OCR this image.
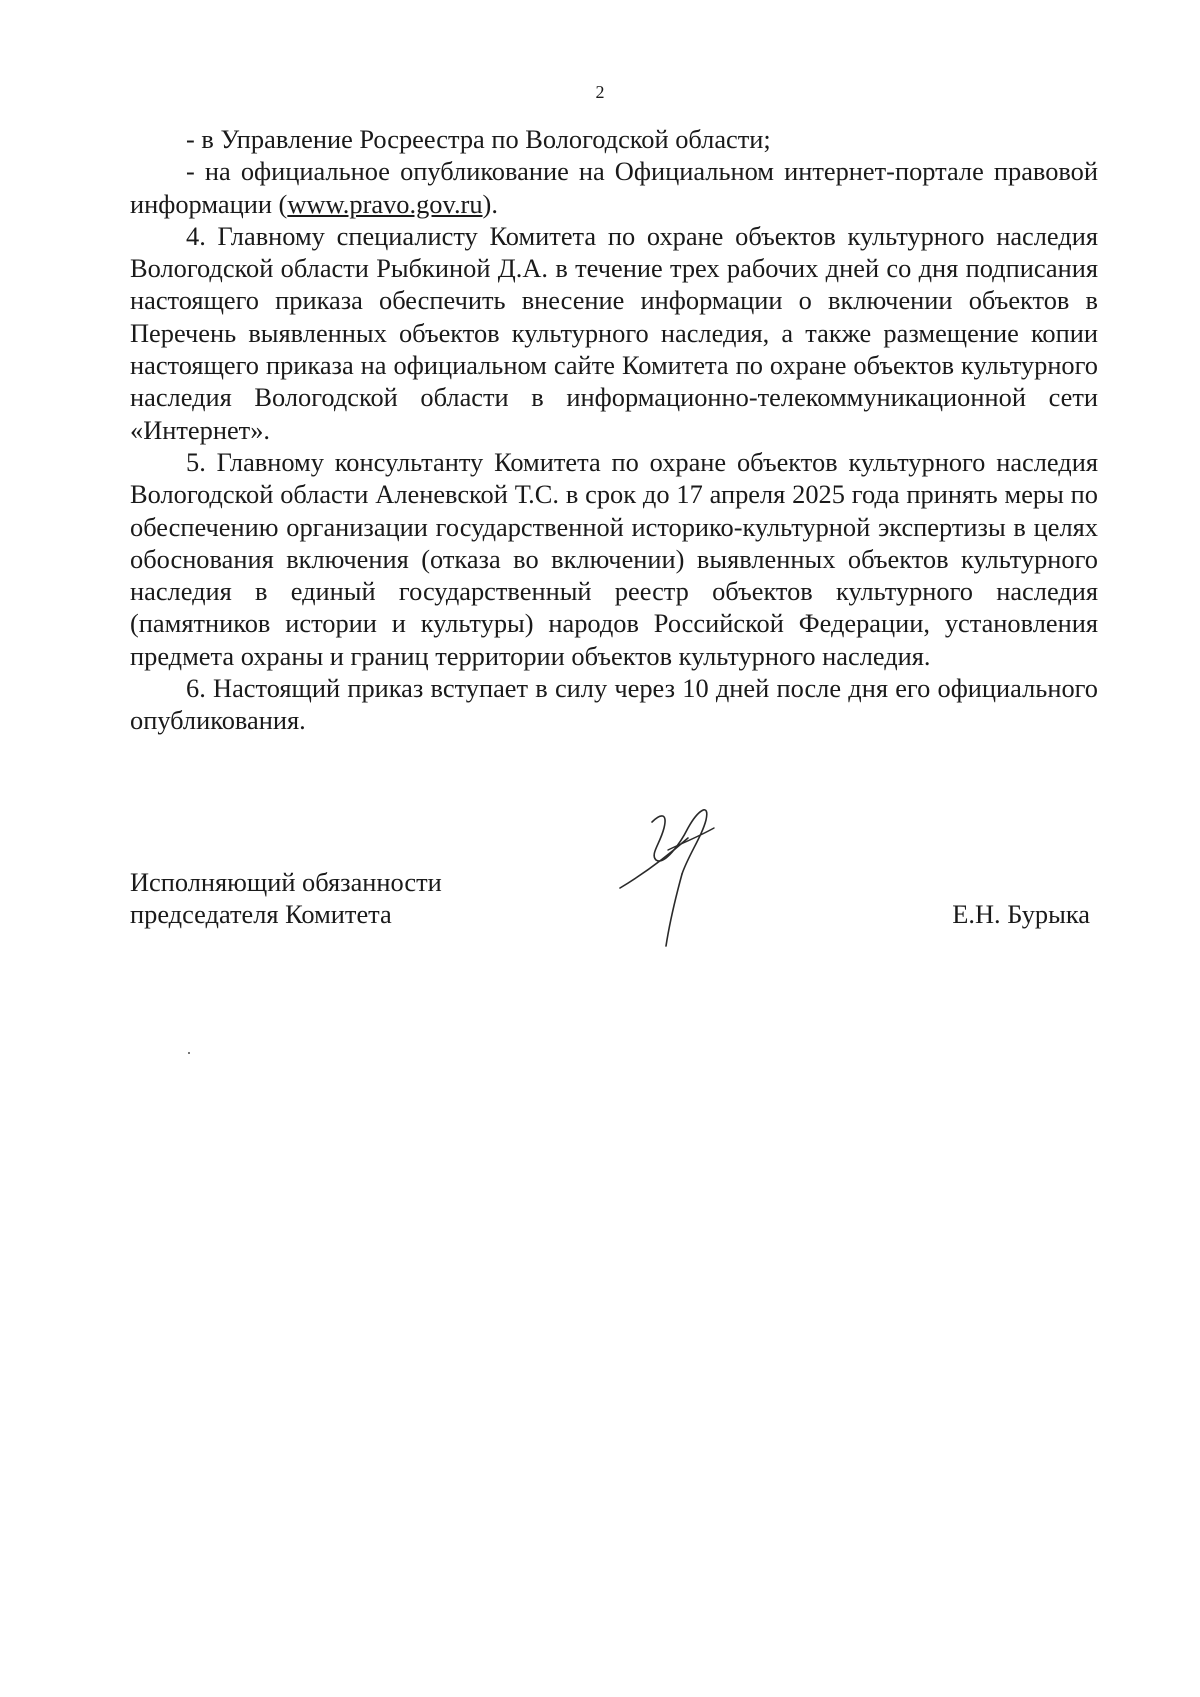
2

- в Управление Росреестра по Вологодской области;

- на официальное опубликование на Официальном интернет-портале правовой информации (www.pravo.gov.ru).

4. Главному специалисту Комитета по охране объектов культурного наследия Вологодской области Рыбкиной Д.А. в течение трех рабочих дней со дня подписания настоящего приказа обеспечить внесение информации о включении объектов в Перечень выявленных объектов культурного наследия, а также размещение копии настоящего приказа на официальном сайте Комитета по охране объектов культурного наследия Вологодской области в информационно-телекоммуникационной сети «Интернет».

5. Главному консультанту Комитета по охране объектов культурного наследия Вологодской области Аленевской Т.С. в срок до 17 апреля 2025 года принять меры по обеспечению организации государственной историко-культурной экспертизы в целях обоснования включения (отказа во включении) выявленных объектов культурного наследия в единый государственный реестр объектов культурного наследия (памятников истории и культуры) народов Российской Федерации, установления предмета охраны и границ территории объектов культурного наследия.

6. Настоящий приказ вступает в силу через 10 дней после дня его официального опубликования.

Исполняющий обязанности
председателя Комитета	Е.Н. Бурыка
